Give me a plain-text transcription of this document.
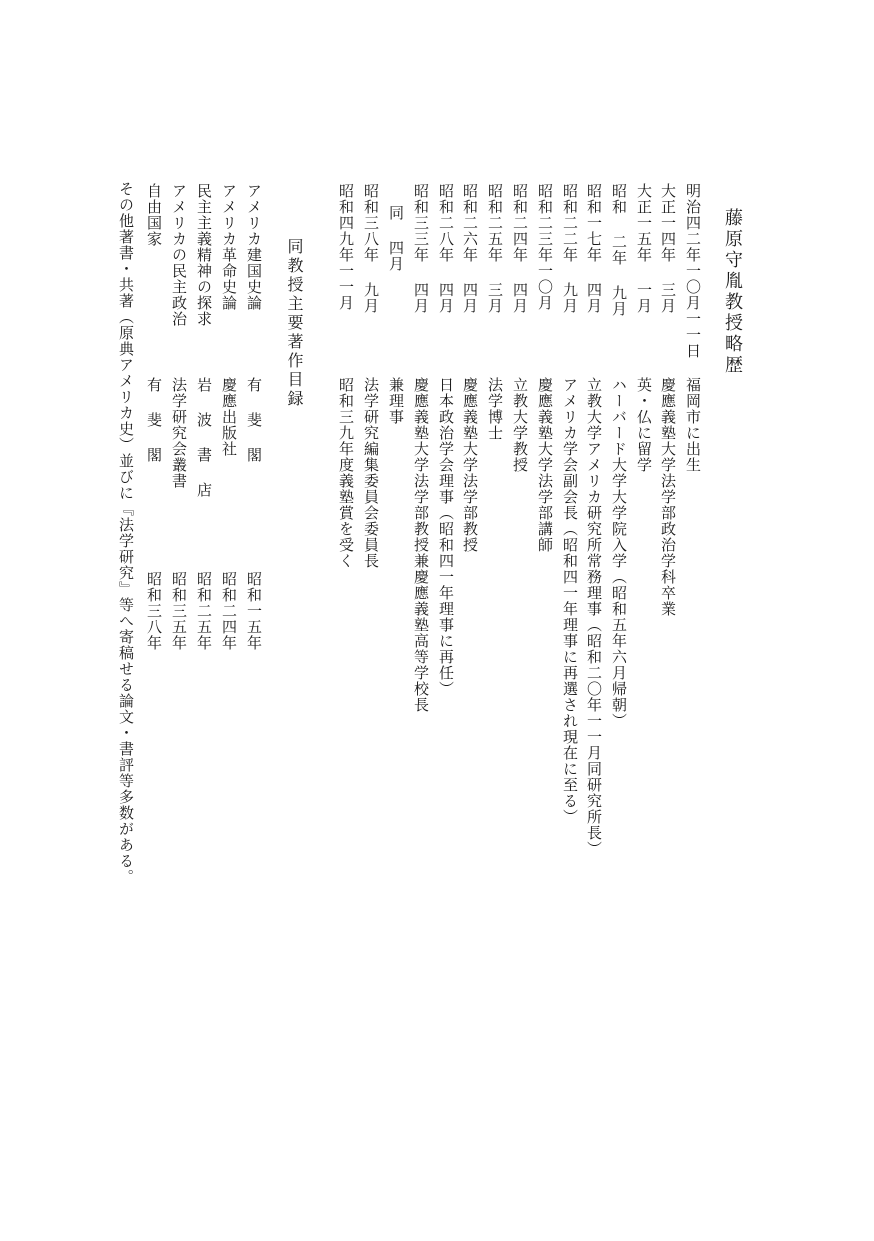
藤原守胤教授略歴
明治四二年一〇月一一日
福岡市に出生
大正一四年 三月
慶應義塾大学法学部政治学科卒業
大正一五年 一月
英・仏に留学
昭和 二年 九月
ハーバード大学大学院入学（昭和五年六月帰朝）
昭和一七年 四月
立教大学アメリカ研究所常務理事（昭和二〇年一一月同研究所長）
昭和二二年 九月
アメリカ学会副会長（昭和四一年理事に再選され現在に至る）
昭和二三年一〇月
慶應義塾大学法学部講師
昭和二四年 四月
立教大学教授
昭和二五年 三月
法学博士
昭和二六年 四月
慶應義塾大学法学部教授
昭和二八年 四月
日本政治学会理事（昭和四一年理事に再任）
昭和三三年 四月
慶應義塾大学法学部教授兼慶應義塾高等学校長
同 四月
兼理事
昭和三八年 九月
法学研究編集委員会委員長
昭和四九年一一月
昭和三九年度義塾賞を受く
同教授主要著作目録
アメリカ建国史論
有 斐 閣
昭和一五年
アメリカ革命史論
慶應出版社
昭和二四年
民主主義精神の探求
岩 波 書 店
昭和二五年
アメリカの民主政治
法学研究会叢書
昭和三五年
自由国家
有 斐 閣
昭和三八年
その他著書・共著（原典アメリカ史）並びに『法学研究』等へ寄稿せる論文・書評等多数がある。
